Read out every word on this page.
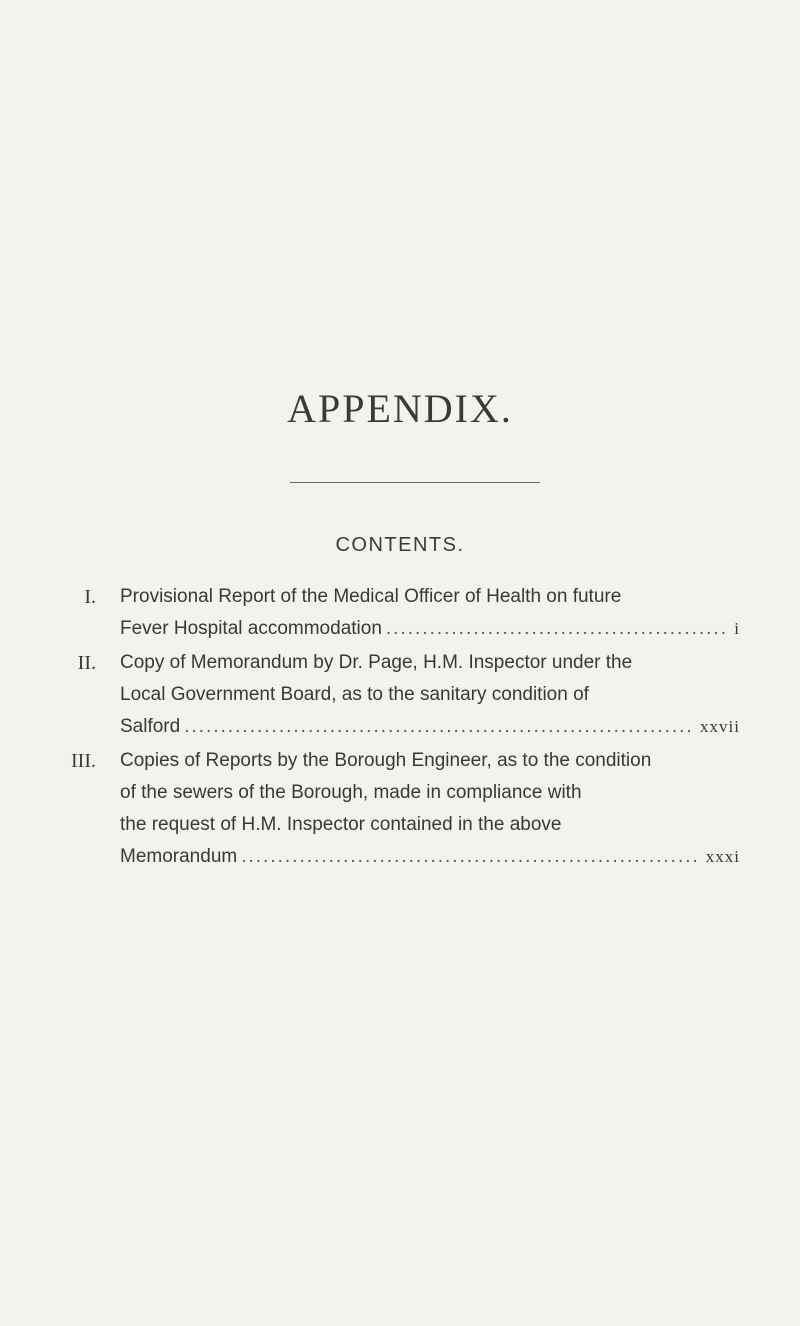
APPENDIX.
CONTENTS.
I. Provisional Report of the Medical Officer of Health on future
Fever Hospital accommodation .....	i
II. Copy of Memorandum by Dr. Page, H.M. Inspector under the
Local Government Board, as to the sanitary condition of
Salford .....	xxvii
III. Copies of Reports by the Borough Engineer, as to the condition
of the sewers of the Borough, made in compliance with
the request of H.M. Inspector contained in the above
Memorandum .....	xxxi
